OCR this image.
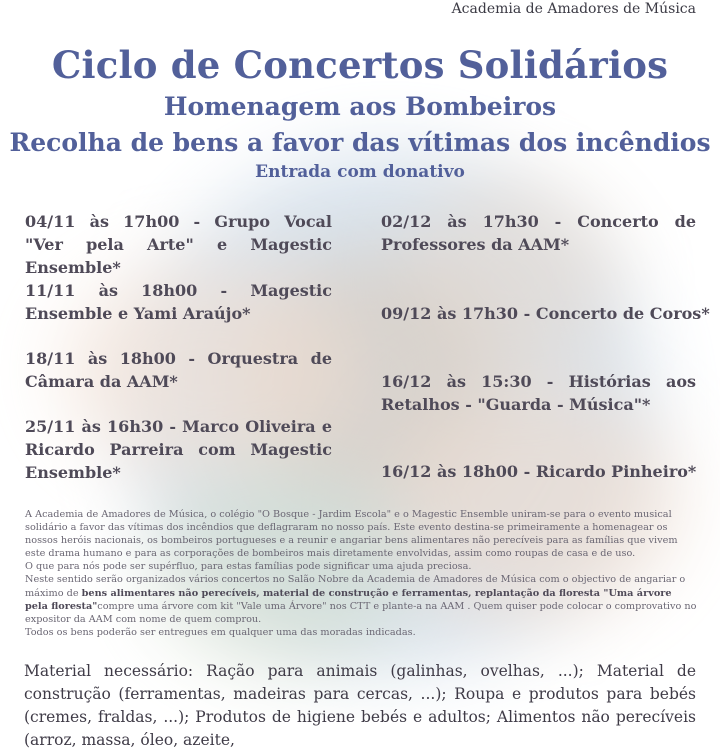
Academia de Amadores de Música
Ciclo de Concertos Solidários
Homenagem aos Bombeiros
Recolha de bens a favor das vítimas dos incêndios
Entrada com donativo
04/11 às 17h00 - Grupo Vocal "Ver pela Arte" e Magestic Ensemble*
11/11 às 18h00 - Magestic Ensemble e Yami Araújo*
18/11 às 18h00 - Orquestra de Câmara da AAM*
25/11 às 16h30 - Marco Oliveira e Ricardo Parreira com Magestic Ensemble*
02/12 às 17h30 - Concerto de Professores da AAM*
09/12 às 17h30 - Concerto de Coros*
16/12 às 15:30 - Histórias aos Retalhos - "Guarda - Música"*
16/12 às 18h00 - Ricardo Pinheiro*

A Academia de Amadores de Música, o colégio "O Bosque - Jardim Escola" e o Magestic Ensemble uniram-se para o evento musical solidário a favor das vítimas dos incêndios que deflagraram no nosso país. Este evento destina-se primeiramente a homenagear os nossos heróis nacionais, os bombeiros portugueses e a reunir e angariar bens alimentares não perecíveis para as famílias que vivem este drama humano e para as corporações de bombeiros mais diretamente envolvidas, assim como roupas de casa e de uso.

O que para nós pode ser supérfluo, para estas famílias pode significar uma ajuda preciosa.

Neste sentido serão organizados vários concertos no Salão Nobre da Academia de Amadores de Música com o objectivo de angariar o máximo de bens alimentares não perecíveis, material de construção e ferramentas, replantação da floresta "Uma árvore pela floresta"compre uma árvore com kit "Vale uma Árvore" nos CTT e plante-a na AAM . Quem quiser pode colocar o comprovativo no expositor da AAM com nome de quem comprou.

Todos os bens poderão ser entregues em qualquer uma das moradas indicadas.

Material necessário: Ração para animais (galinhas, ovelhas, ...); Material de construção (ferramentas, madeiras para cercas, ...); Roupa e produtos para bebés (cremes, fraldas, ...); Produtos de higiene bebés e adultos; Alimentos não perecíveis (arroz, massa, óleo, azeite,
